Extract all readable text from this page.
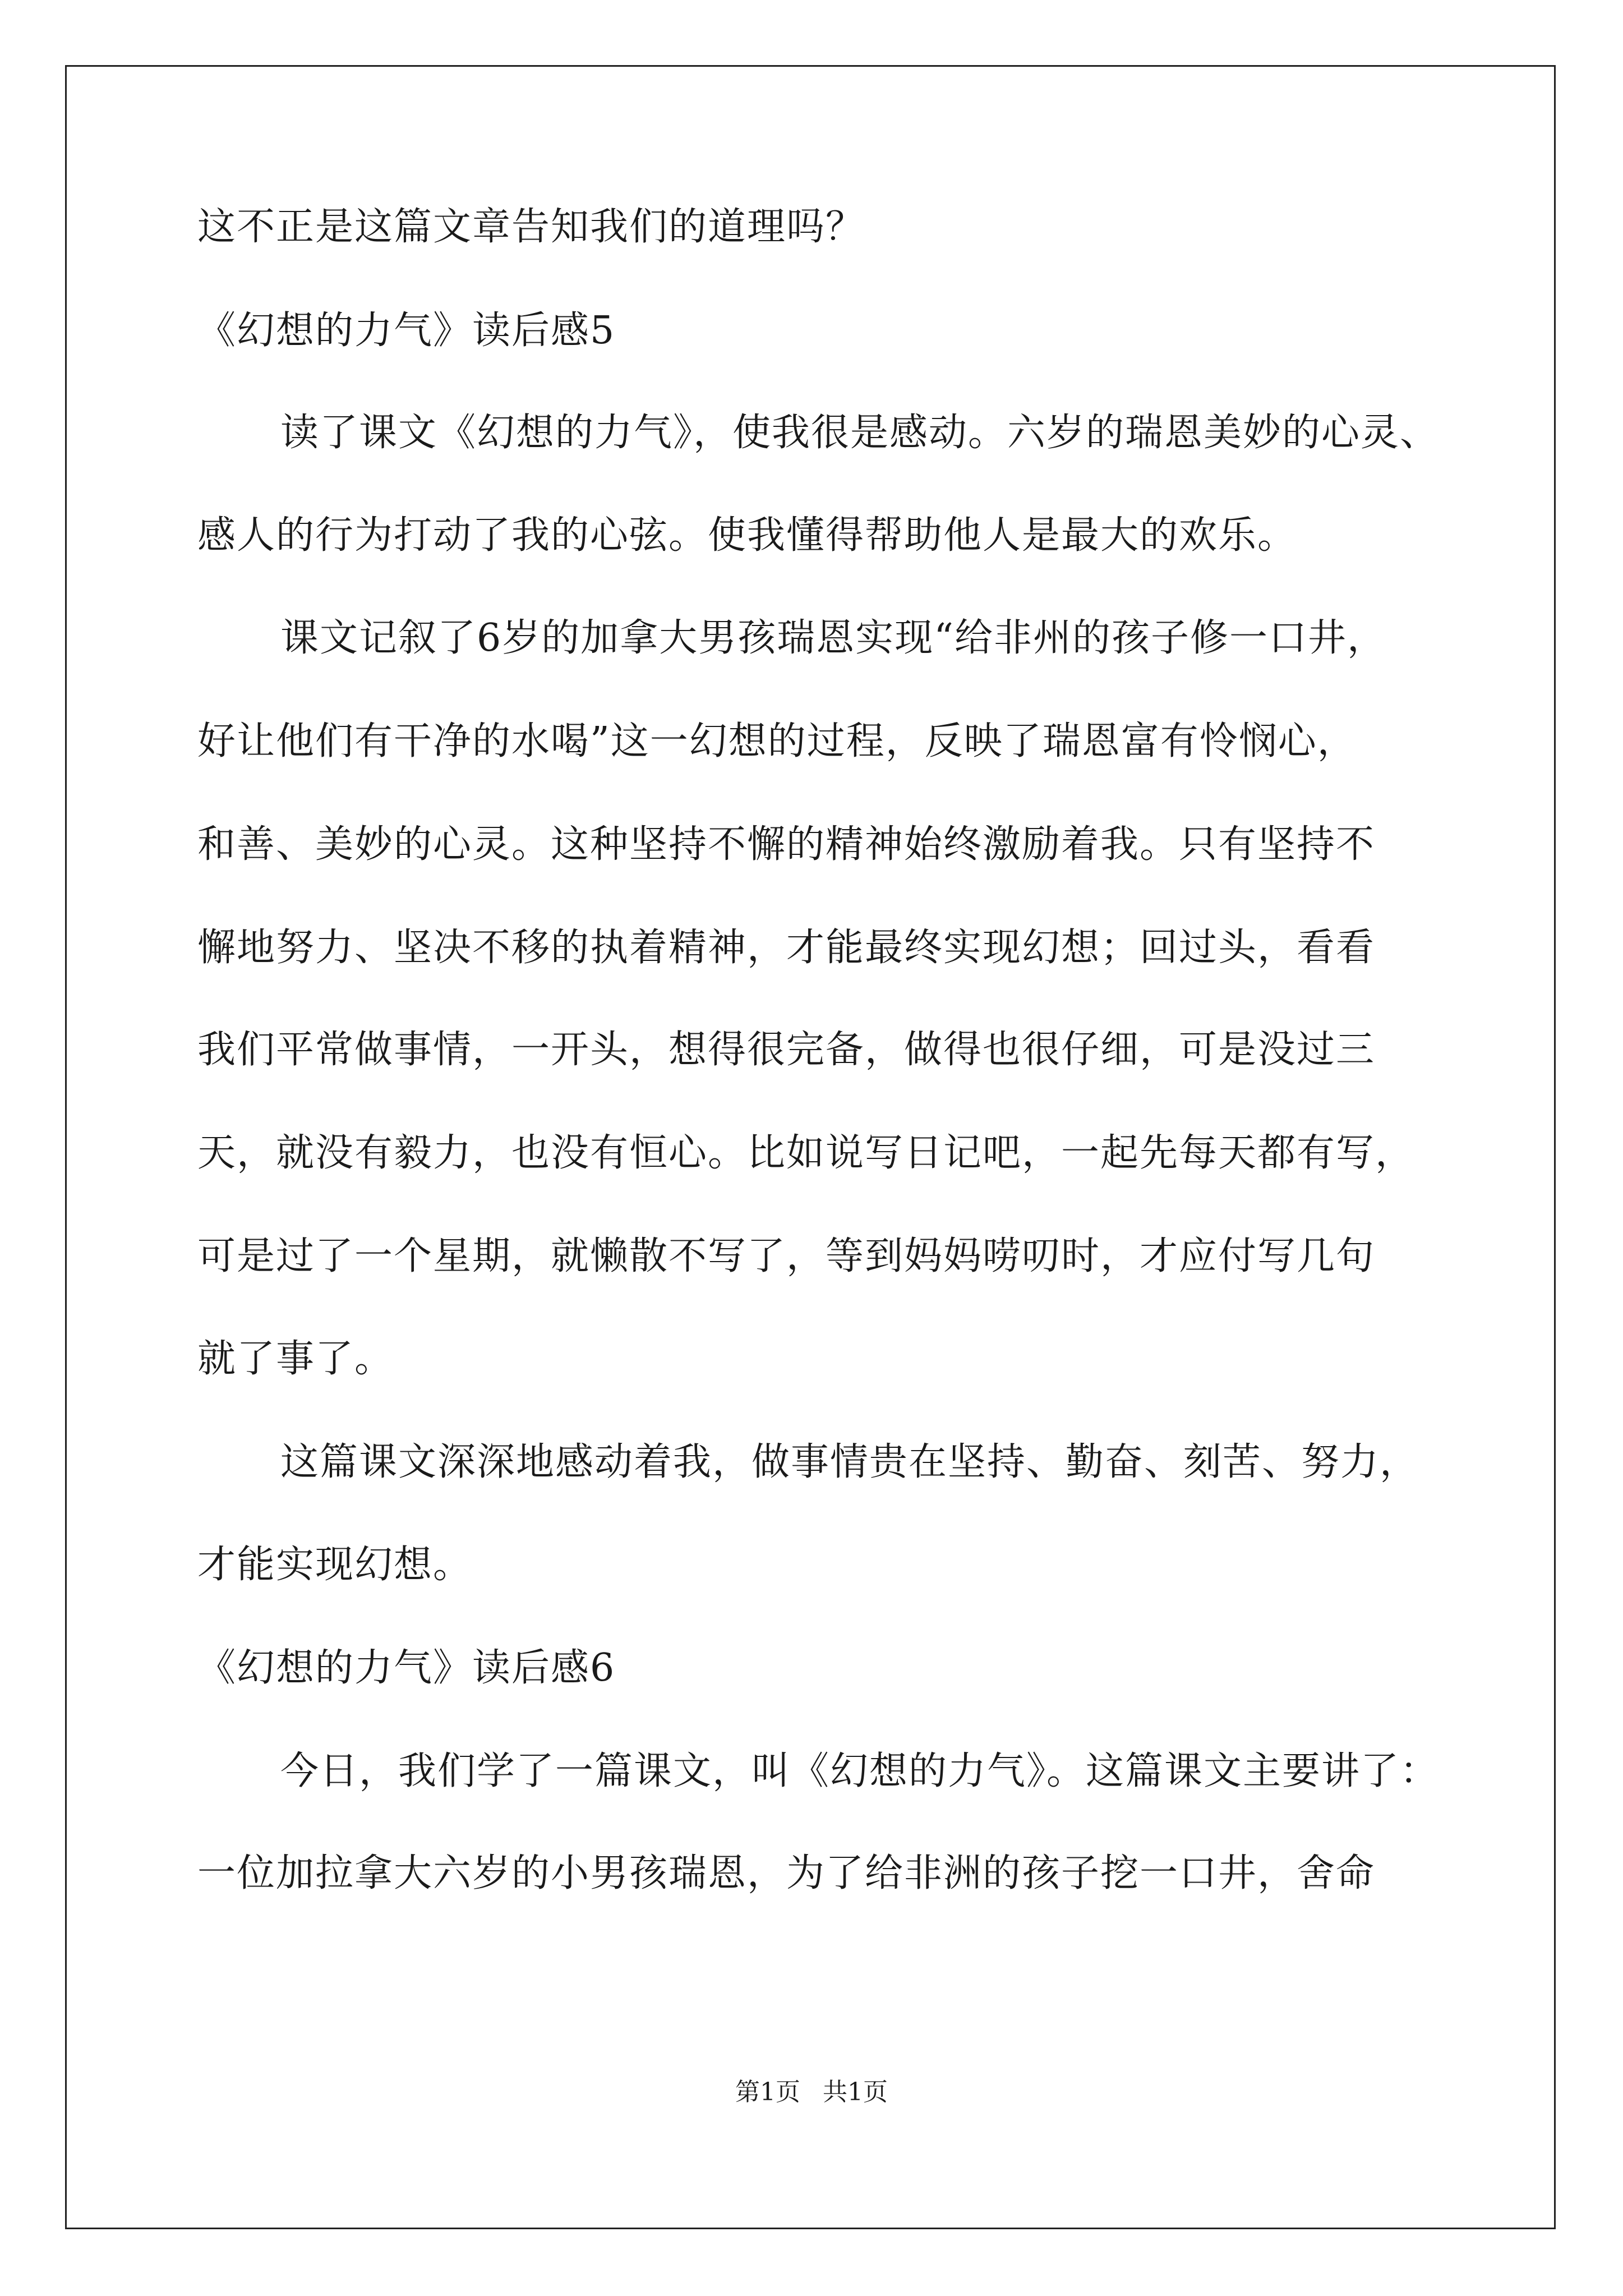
这不正是这篇文章告知我们的道理吗？
《幻想的力气》读后感5
读了课文《幻想的力气》，使我很是感动。六岁的瑞恩美妙的心灵、
感人的行为打动了我的心弦。使我懂得帮助他人是最大的欢乐。
课文记叙了6岁的加拿大男孩瑞恩实现“给非州的孩子修一口井，
好让他们有干净的水喝”这一幻想的过程，反映了瑞恩富有怜悯心，
和善、美妙的心灵。这种坚持不懈的精神始终激励着我。只有坚持不
懈地努力、坚决不移的执着精神，才能最终实现幻想；回过头，看看
我们平常做事情，一开头，想得很完备，做得也很仔细，可是没过三
天，就没有毅力，也没有恒心。比如说写日记吧，一起先每天都有写，
可是过了一个星期，就懒散不写了，等到妈妈唠叨时，才应付写几句
就了事了。
这篇课文深深地感动着我，做事情贵在坚持、勤奋、刻苦、努力，
才能实现幻想。
《幻想的力气》读后感6
今日，我们学了一篇课文，叫《幻想的力气》。这篇课文主要讲了：
一位加拉拿大六岁的小男孩瑞恩，为了给非洲的孩子挖一口井，舍命
第1页 共1页
